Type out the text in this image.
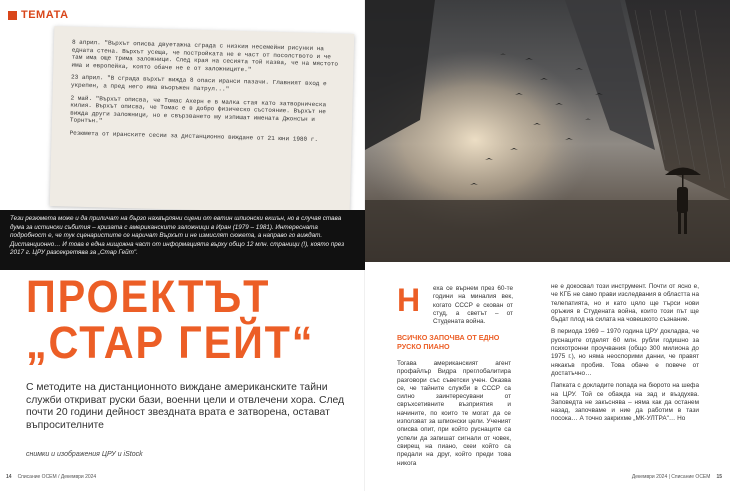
ТЕМАТА

8 април. "Върхът описва двуетажна сграда с низкия несемейни рисунки на едната стена. Върхът усеща, че постройката не е част от посолството и че там има още трима заложници. След края на сесията той казва, че на мястото има и европейка, която обаче не е от заложниците."

23 април. "В сграда върхът вижда 8 опаси иранси пазачи. Главният вход е укрепен, а пред него има въоръжен патрул..."

2 май. "Върхът описва, че Томас Ахерн е в малка стая като затворническа килия. Върхът описва, че Томас е в добро физическо състояние. Върхът не вижда други заложници, но е свързването му изпишат имената Джонсън и Торнтън."

Резюмета от иранските сесии за дистанционно виждане от 21 юни 1980 г.

Тези резюмета може и да приличат на бързо нахвърляни сцени от евтин шпионски екшън, но в случая става дума за истински събития – кризата с американските заложници в Иран (1979 – 1981). Интересната подробност е, че тук сценаристите се наричат Върхът и не измислят сюжета, а направо го виждат. Дистанционно… И това е една нищожна част от информацията върху общо 12 млн. страници (!), която през 2017 г. ЦРУ разсекретява за „Стар Гейт".
ПРОЕКТЪТ
„СТАР ГЕЙТ“
С методите на дистанционното виждане американските тайни служби откриват руски бази, военни цели и отвлечени хора. След почти 20 години дейност звездната врата е затворена, остават въпросителните
снимки и изображения ЦРУ и iStock
14 Списание ОСЕМ / Декември 2024
Н	еха се върнем през 60-те години на миналия век, когато СССР е скован от студ, а светът – от Студената война.
ВСИЧКО ЗАПОЧВА ОТ ЕДНО РУСКО ПИАНО

Тогава американският агент профайлър Видра преглобалитира разговори със съветски учен. Оказва се, че тайните служби в СССР са силно заинтересувани от свръхсетивните възприятия и начините, по които те могат да се използват за шпионски цели. Ученият описва опит, при който руснаците са успели да запишат сигнали от човек, свирещ на пиано, скеи който са предали на друг, който преди това никога

не е докосвал този инструмент. Почти от ясно е, че КГБ не само прави изследвания в областта на телепатията, но и като цяло ще търси нови оръжия в Студената война, които този път ще бъдат плод на силата на човешкото съзнание.

В периода 1969 – 1970 година ЦРУ докладва, че руснаците отделят 60 млн. рубли годишно за психотронни проучвания (общо 300 милиона до 1975 г.), но няма неоспорими данни, че правят някакъв пробив. Това обаче е повече от достатъчно…

Папката с докладите попада на бюрото на шефа на ЦРУ. Той се обажда на зад и въздухва. Заповедта не закъснява – няма как да останем назад, започваме и ние да работим в тази посока… А точно закрихме „МК-УЛТРА"… Но

Декември 2024 | Списание ОСЕМ 15
